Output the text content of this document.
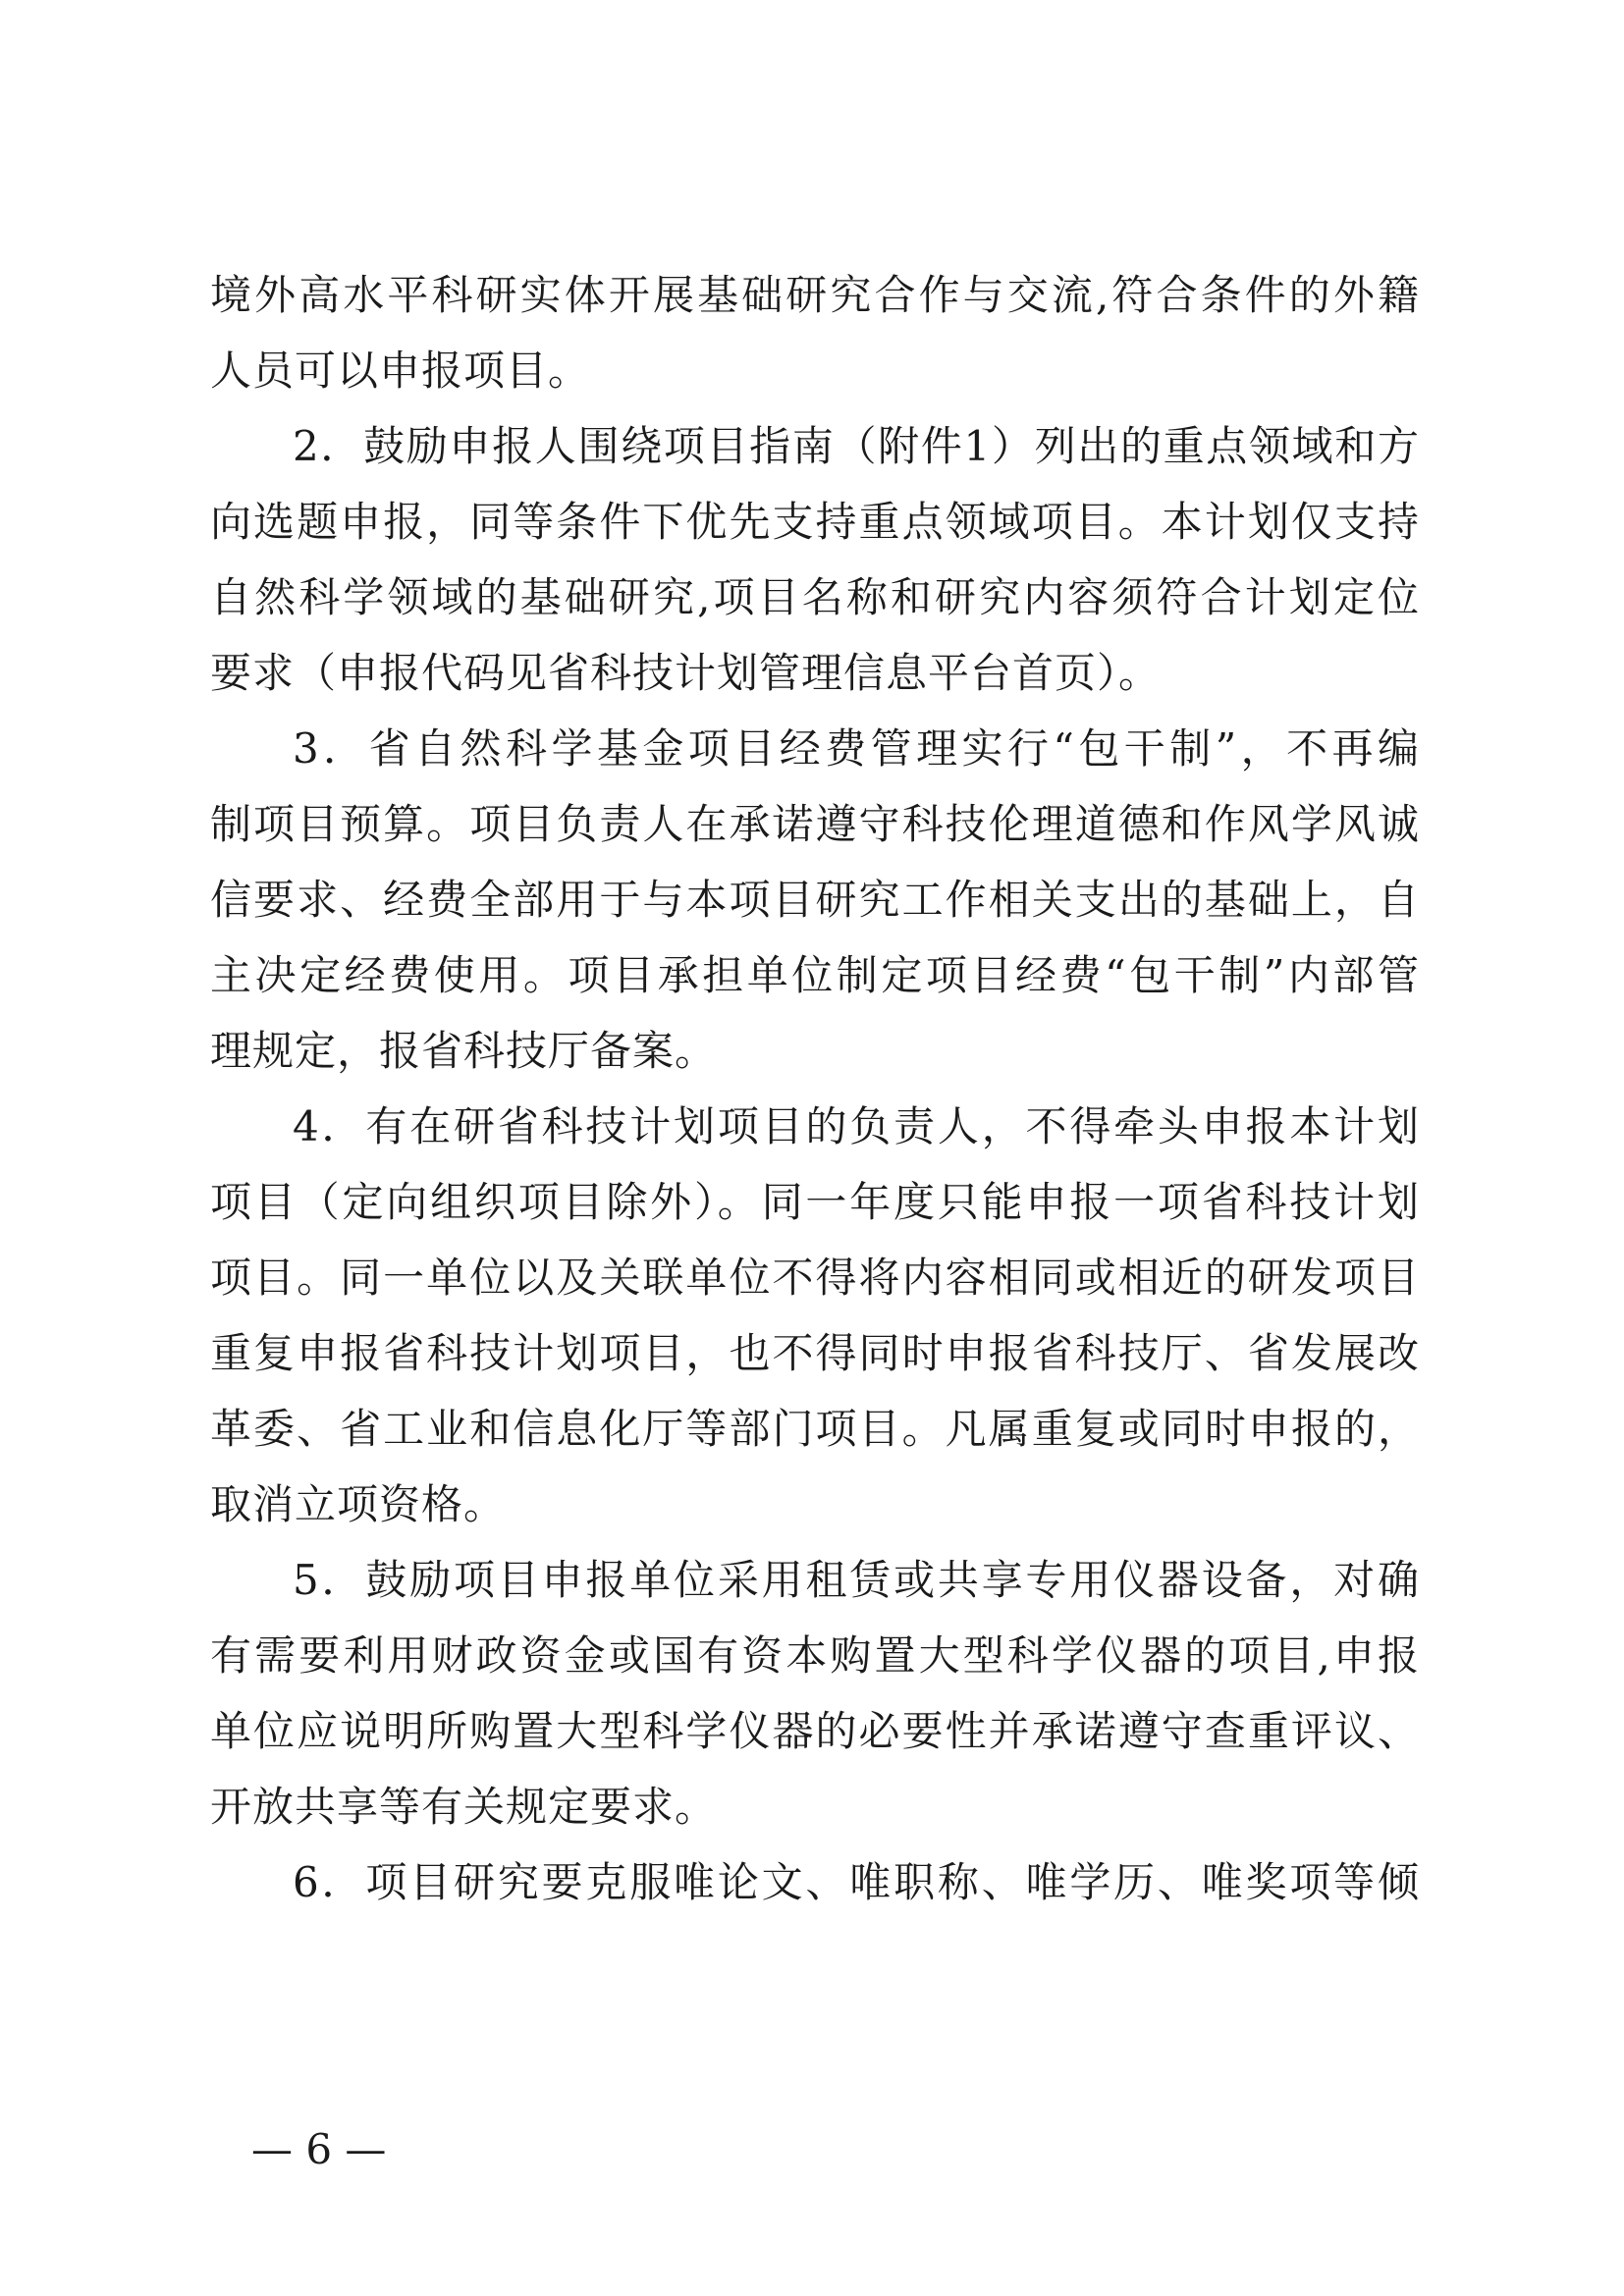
境外高水平科研实体开展基础研究合作与交流,符合条件的外籍
人员可以申报项目。
2．鼓励申报人围绕项目指南（附件1）列出的重点领域和方
向选题申报，同等条件下优先支持重点领域项目。本计划仅支持
自然科学领域的基础研究,项目名称和研究内容须符合计划定位
要求（申报代码见省科技计划管理信息平台首页）。
3．省自然科学基金项目经费管理实行“包干制”，不再编
制项目预算。项目负责人在承诺遵守科技伦理道德和作风学风诚
信要求、经费全部用于与本项目研究工作相关支出的基础上，自
主决定经费使用。项目承担单位制定项目经费“包干制”内部管
理规定，报省科技厅备案。
4．有在研省科技计划项目的负责人，不得牵头申报本计划
项目（定向组织项目除外）。同一年度只能申报一项省科技计划
项目。同一单位以及关联单位不得将内容相同或相近的研发项目
重复申报省科技计划项目，也不得同时申报省科技厅、省发展改
革委、省工业和信息化厅等部门项目。凡属重复或同时申报的，
取消立项资格。
5．鼓励项目申报单位采用租赁或共享专用仪器设备，对确
有需要利用财政资金或国有资本购置大型科学仪器的项目,申报
单位应说明所购置大型科学仪器的必要性并承诺遵守查重评议、
开放共享等有关规定要求。
6．项目研究要克服唯论文、唯职称、唯学历、唯奖项等倾
— 6 —
